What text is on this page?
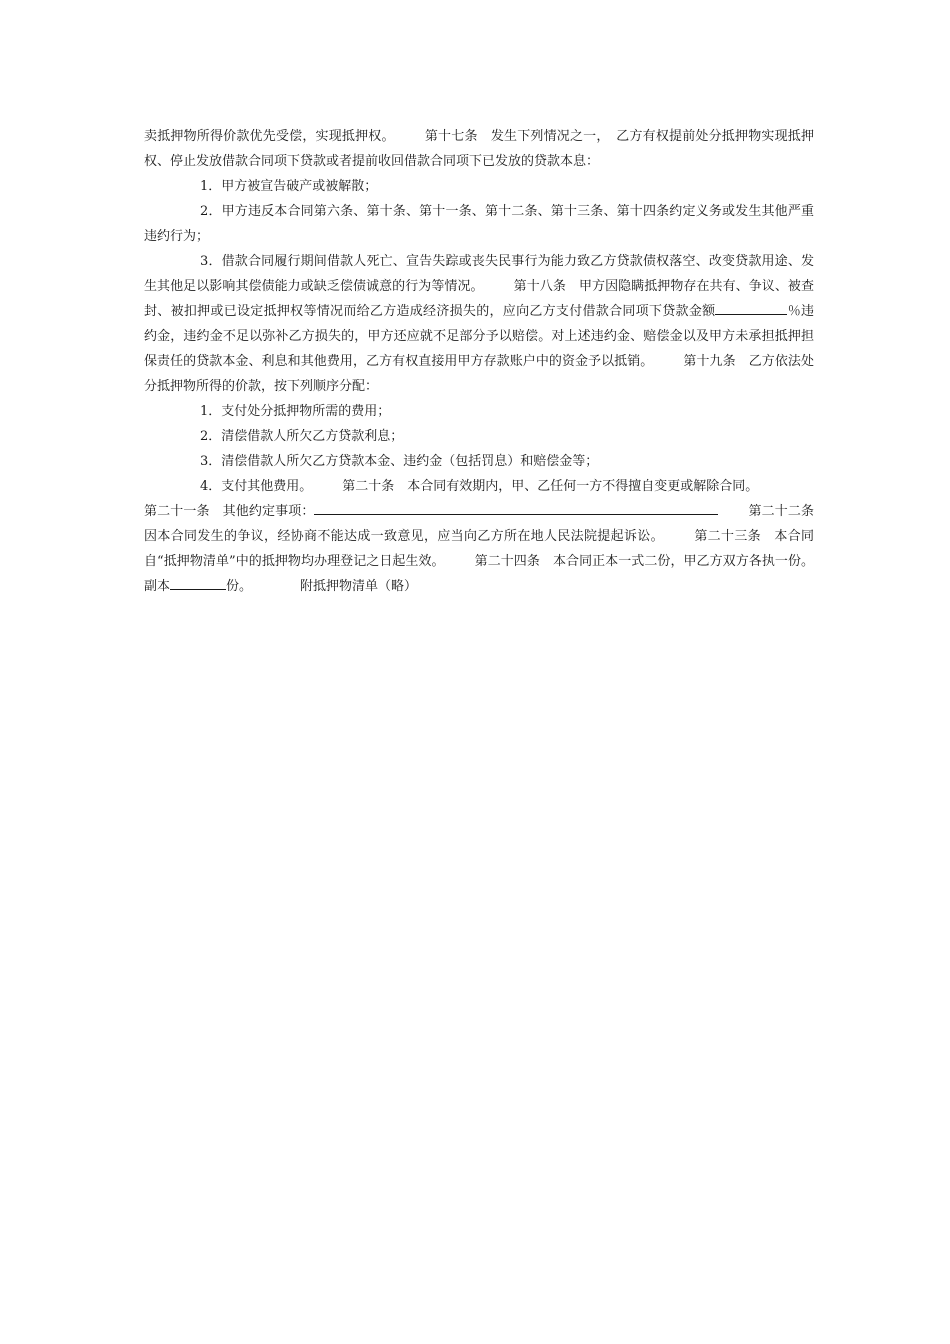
卖抵押物所得价款优先受偿，实现抵押权。 第十七条　发生下列情况之一，　乙方有权提前处分抵押物实现抵押权、停止发放借款合同项下贷款或者提前收回借款合同项下已发放的贷款本息：

1．甲方被宣告破产或被解散；

2．甲方违反本合同第六条、第十条、第十一条、第十二条、第十三条、第十四条约定义务或发生其他严重违约行为；

3．借款合同履行期间借款人死亡、宣告失踪或丧失民事行为能力致乙方贷款债权落空、改变贷款用途、发生其他足以影响其偿债能力或缺乏偿债诚意的行为等情况。 第十八条　甲方因隐瞒抵押物存在共有、争议、被查封、被扣押或已设定抵押权等情况而给乙方造成经济损失的，应向乙方支付借款合同项下贷款金额	％违约金，违约金不足以弥补乙方损失的，甲方还应就不足部分予以赔偿。对上述违约金、赔偿金以及甲方未承担抵押担保责任的贷款本金、利息和其他费用，乙方有权直接用甲方存款账户中的资金予以抵销。 第十九条　乙方依法处分抵押物所得的价款，按下列顺序分配：

1．支付处分抵押物所需的费用；

2．清偿借款人所欠乙方贷款利息；

3．清偿借款人所欠乙方贷款本金、违约金（包括罚息）和赔偿金等；

4．支付其他费用。 第二十条　本合同有效期内，甲、乙任何一方不得擅自变更或解除合同。

第二十一条　其他约定事项：	第二十二条　因本合同发生的争议，经协商不能达成一致意见，应当向乙方所在地人民法院提起诉讼。 第二十三条　本合同自“抵押物清单”中的抵押物均办理登记之日起生效。 第二十四条　本合同正本一式二份，甲乙方双方各执一份。副本	份。	附抵押物清单（略）
